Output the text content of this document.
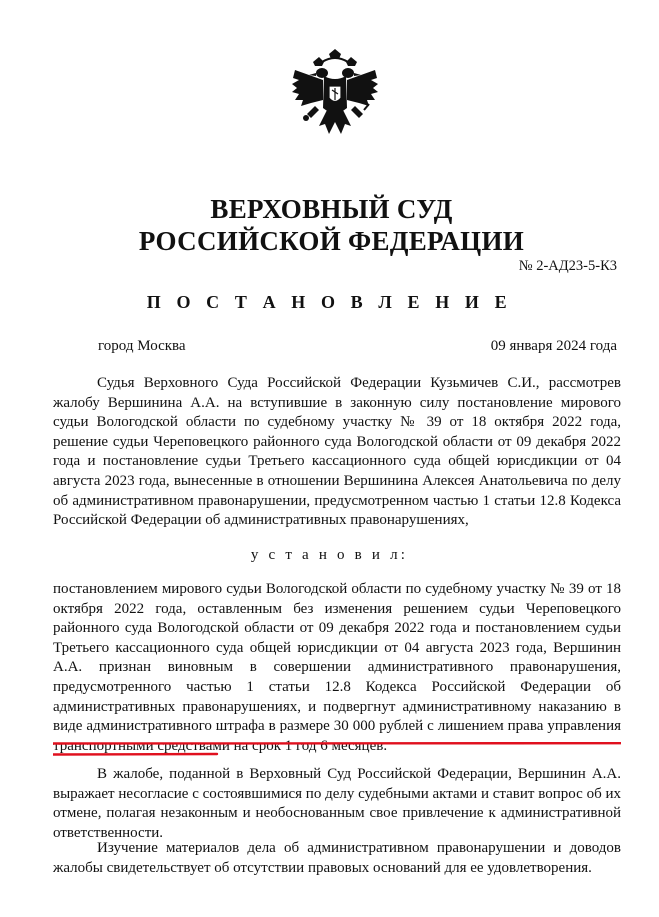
ВЕРХОВНЫЙ СУД
РОССИЙСКОЙ ФЕДЕРАЦИИ
№ 2-АД23-5-К3
П О С Т А Н О В Л Е Н И Е
город Москва	09 января 2024 года
Судья Верховного Суда Российской Федерации Кузьмичев С.И., рассмотрев жалобу Вершинина А.А. на вступившие в законную силу постановление мирового судьи Вологодской области по судебному участку № 39 от 18 октября 2022 года, решение судьи Череповецкого районного суда Вологодской области от 09 декабря 2022 года и постановление судьи Третьего кассационного суда общей юрисдикции от 04 августа 2023 года, вынесенные в отношении Вершинина Алексея Анатольевича по делу об административном правонарушении, предусмотренном частью 1 статьи 12.8 Кодекса Российской Федерации об административных правонарушениях,
у с т а н о в и л:
постановлением мирового судьи Вологодской области по судебному участку № 39 от 18 октября 2022 года, оставленным без изменения решением судьи Череповецкого районного суда Вологодской области от 09 декабря 2022 года и постановлением судьи Третьего кассационного суда общей юрисдикции от 04 августа 2023 года, Вершинин А.А. признан виновным в совершении административного правонарушения, предусмотренного частью 1 статьи 12.8 Кодекса Российской Федерации об административных правонарушениях, и подвергнут административному наказанию в виде административного штрафа в размере 30 000 рублей с лишением права управления транспортными средствами на срок 1 год 6 месяцев.
В жалобе, поданной в Верховный Суд Российской Федерации, Вершинин А.А. выражает несогласие с состоявшимися по делу судебными актами и ставит вопрос об их отмене, полагая незаконным и необоснованным свое привлечение к административной ответственности.
Изучение материалов дела об административном правонарушении и доводов жалобы свидетельствует об отсутствии правовых оснований для ее удовлетворения.
